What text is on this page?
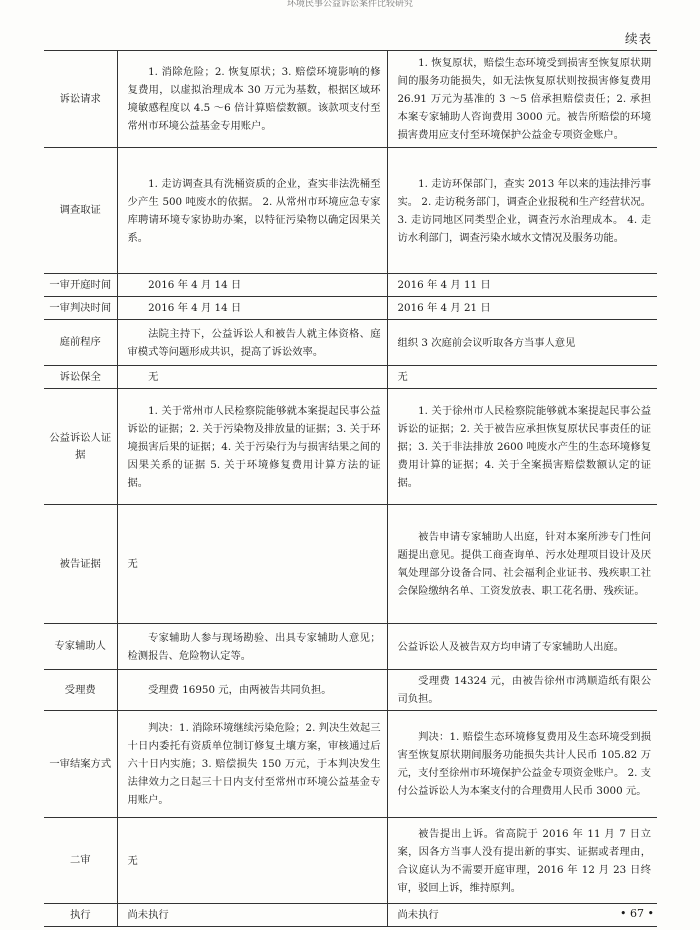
环境民事公益诉讼案件比较研究
续表
诉讼请求	1. 消除危险；2. 恢复原状；3. 赔偿环境影响的修复费用，以虚拟治理成本 30 万元为基数，根据区域环境敏感程度以 4.5 ～6 倍计算赔偿数额。该款项支付至常州市环境公益基金专用账户。	1. 恢复原状，赔偿生态环境受到损害至恢复原状期间的服务功能损失，如无法恢复原状则按损害修复费用 26.91 万元为基准的 3 ～5 倍承担赔偿责任；2. 承担本案专家辅助人咨询费用 3000 元。被告所赔偿的环境损害费用应支付至环境保护公益金专项资金账户。
调查取证	1. 走访调查具有洗桶资质的企业，查实非法洗桶至少产生 500 吨废水的依据。 2. 从常州市环境应急专家库聘请环境专家协助办案，以特征污染物以确定因果关系。	1. 走访环保部门，查实 2013 年以来的违法排污事实。 2. 走访税务部门，调查企业报税和生产经营状况。 3. 走访同地区同类型企业，调查污水治理成本。 4. 走访水利部门，调查污染水域水文情况及服务功能。
一审开庭时间	2016 年 4 月 14 日	2016 年 4 月 11 日
一审判决时间	2016 年 4 月 14 日	2016 年 4 月 21 日
庭前程序	法院主持下，公益诉讼人和被告人就主体资格、庭审模式等问题形成共识，提高了诉讼效率。	组织 3 次庭前会议听取各方当事人意见
诉讼保全	无	无
公益诉讼人证据	1. 关于常州市人民检察院能够就本案提起民事公益诉讼的证据；2. 关于污染物及排放量的证据；3. 关于环境损害后果的证据；4. 关于污染行为与损害结果之间的因果关系的证据 5. 关于环境修复费用计算方法的证据。	1. 关于徐州市人民检察院能够就本案提起民事公益诉讼的证据；2. 关于被告应承担恢复原状民事责任的证据；3. 关于非法排放 2600 吨废水产生的生态环境修复费用计算的证据；4. 关于全案损害赔偿数额认定的证据。
被告证据	无	被告申请专家辅助人出庭，针对本案所涉专门性问题提出意见。提供工商查询单、污水处理项目设计及厌氧处理部分设备合同、社会福利企业证书、残疾职工社会保险缴纳名单、工资发放表、职工花名册、残疾证。
专家辅助人	专家辅助人参与现场勘验、出具专家辅助人意见；检测报告、危险物认定等。	公益诉讼人及被告双方均申请了专家辅助人出庭。
受理费	受理费 16950 元，由两被告共同负担。	受理费 14324 元，由被告徐州市鸿顺造纸有限公司负担。
一审结案方式	判决：1. 消除环境继续污染危险；2. 判决生效起三十日内委托有资质单位制订修复土壤方案，审核通过后六十日内实施；3. 赔偿损失 150 万元，于本判决发生法律效力之日起三十日内支付至常州市环境公益基金专用账户。	判决：1. 赔偿生态环境修复费用及生态环境受到损害至恢复原状期间服务功能损失共计人民币 105.82 万元，支付至徐州市环境保护公益金专项资金账户。 2. 支付公益诉讼人为本案支付的合理费用人民币 3000 元。
二审	无	被告提出上诉。省高院于 2016 年 11 月 7 日立案，因各方当事人没有提出新的事实、证据或者理由，合议庭认为不需要开庭审理，2016 年 12 月 23 日终审，驳回上诉，维持原判。
执行	尚未执行	尚未执行	• 67 •
